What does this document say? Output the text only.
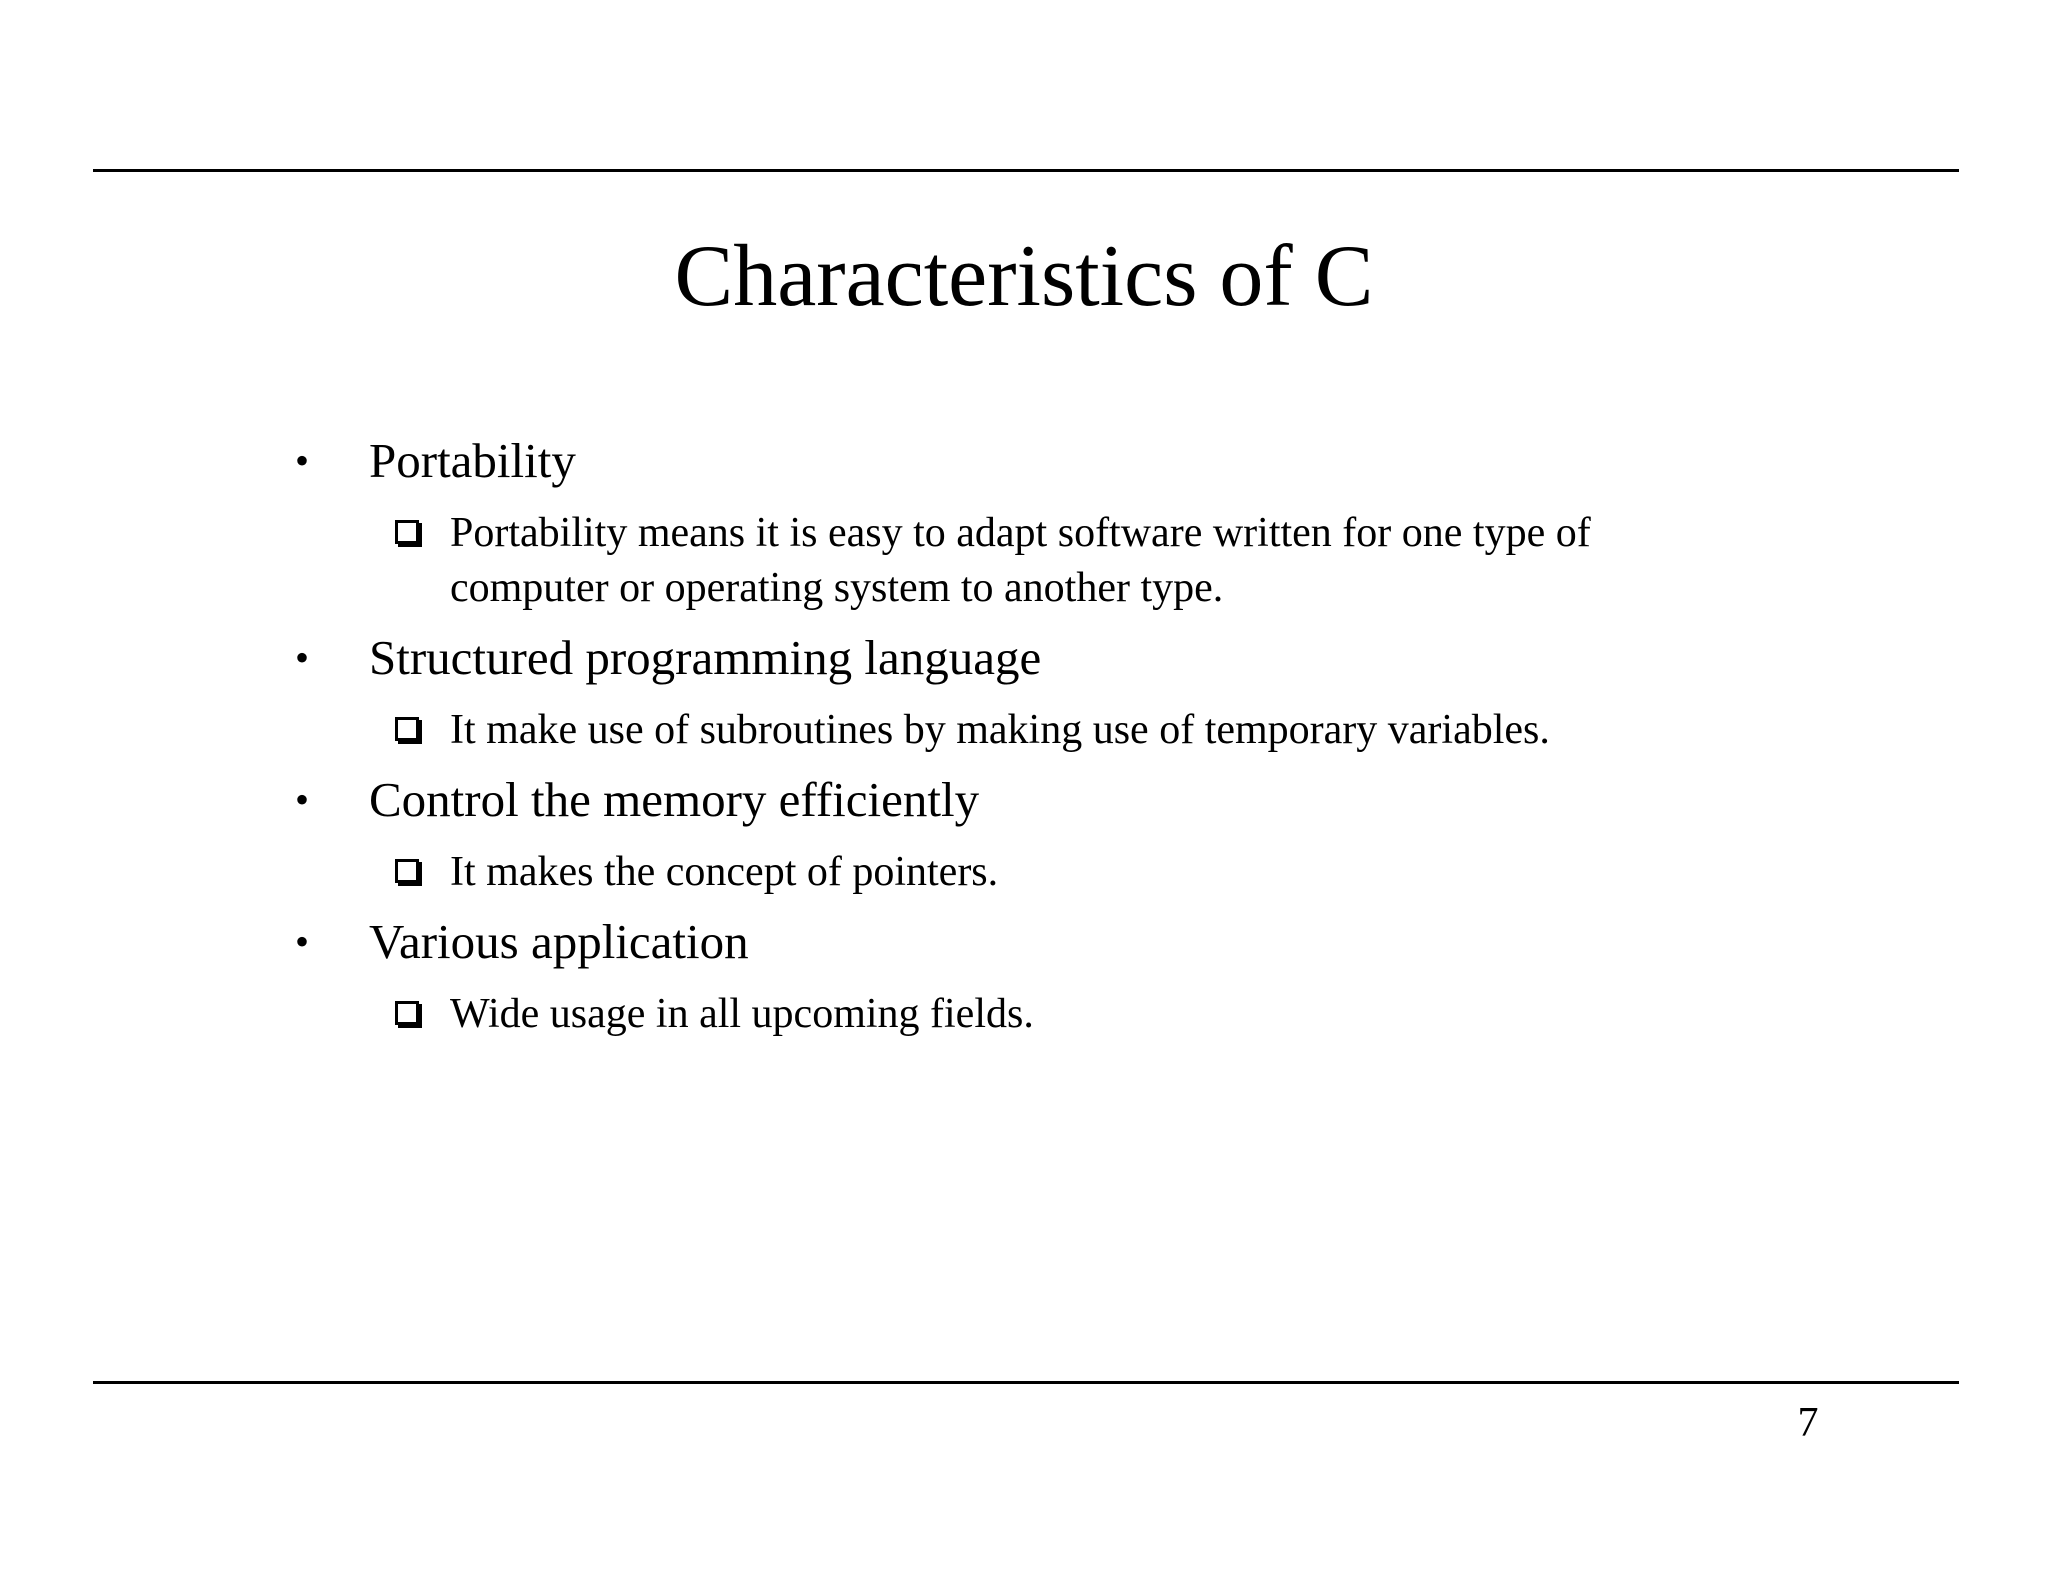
Characteristics of C
•	Portability
Portability means it is easy to adapt software written for one type of computer or operating system to another type.
•	Structured programming language
It make use of subroutines by making use of temporary variables.
•	Control the memory efficiently
It makes the concept of pointers.
•	Various application
Wide usage in all upcoming fields.
7
